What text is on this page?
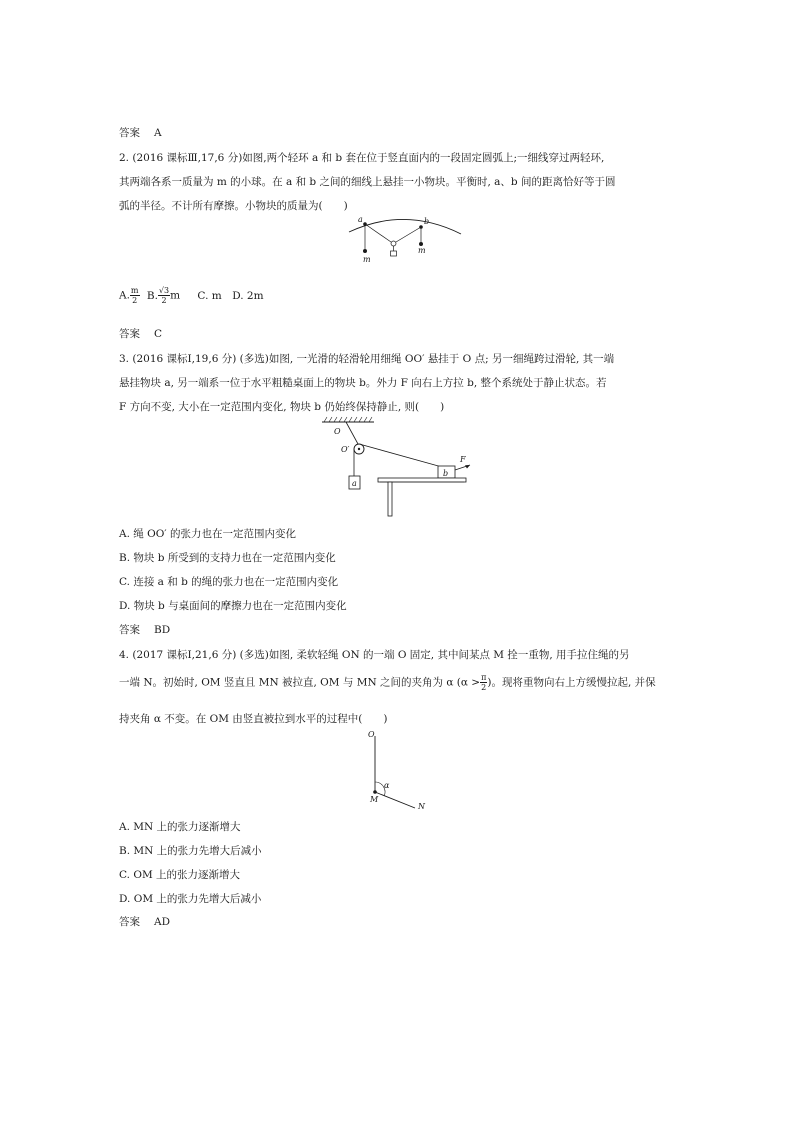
答案 A
2. (2016 课标Ⅲ,17,6 分)如图,两个轻环 a 和 b 套在位于竖直面内的一段固定圆弧上;一细线穿过两轻环,
其两端各系一质量为 m 的小球。在 a 和 b 之间的细线上悬挂一小物块。平衡时, a、b 间的距离恰好等于圆
弧的半径。不计所有摩擦。小物块的质量为(　　)
a	b
m
m
A. $\frac{m}{2} B$. $\frac{√3}{2}$ m C. m　D. 2m
答案 C
3. (2016 课标Ⅰ,19,6 分) (多选)如图, 一光滑的轻滑轮用细绳 OO′ 悬挂于 O 点; 另一细绳跨过滑轮, 其一端
悬挂物块 a, 另一端系一位于水平粗糙桌面上的物块 b。外力 F 向右上方拉 b, 整个系统处于静止状态。若
F 方向不变, 大小在一定范围内变化, 物块 b 仍始终保持静止, 则(　　)
O
O′
a
b
F
A. 绳 OO′ 的张力也在一定范围内变化
B. 物块 b 所受到的支持力也在一定范围内变化
C. 连接 a 和 b 的绳的张力也在一定范围内变化
D. 物块 b 与桌面间的摩擦力也在一定范围内变化
答案 BD
4. (2017 课标Ⅰ,21,6 分) (多选)如图, 柔软轻绳 ON 的一端 O 固定, 其中间某点 M 拴一重物, 用手拉住绳的另
一端 N。初始时, OM 竖直且 MN 被拉直, OM 与 MN 之间的夹角为 α ($\alpha > \frac{\pi}{2}$ )。现将重物向右上方缓慢拉起, 并保
持夹角 α 不变。在 OM 由竖直被拉到水平的过程中(　　)
O
α
M
N
A. MN 上的张力逐渐增大
B. MN 上的张力先增大后减小
C. OM 上的张力逐渐增大
D. OM 上的张力先增大后减小
答案 AD
